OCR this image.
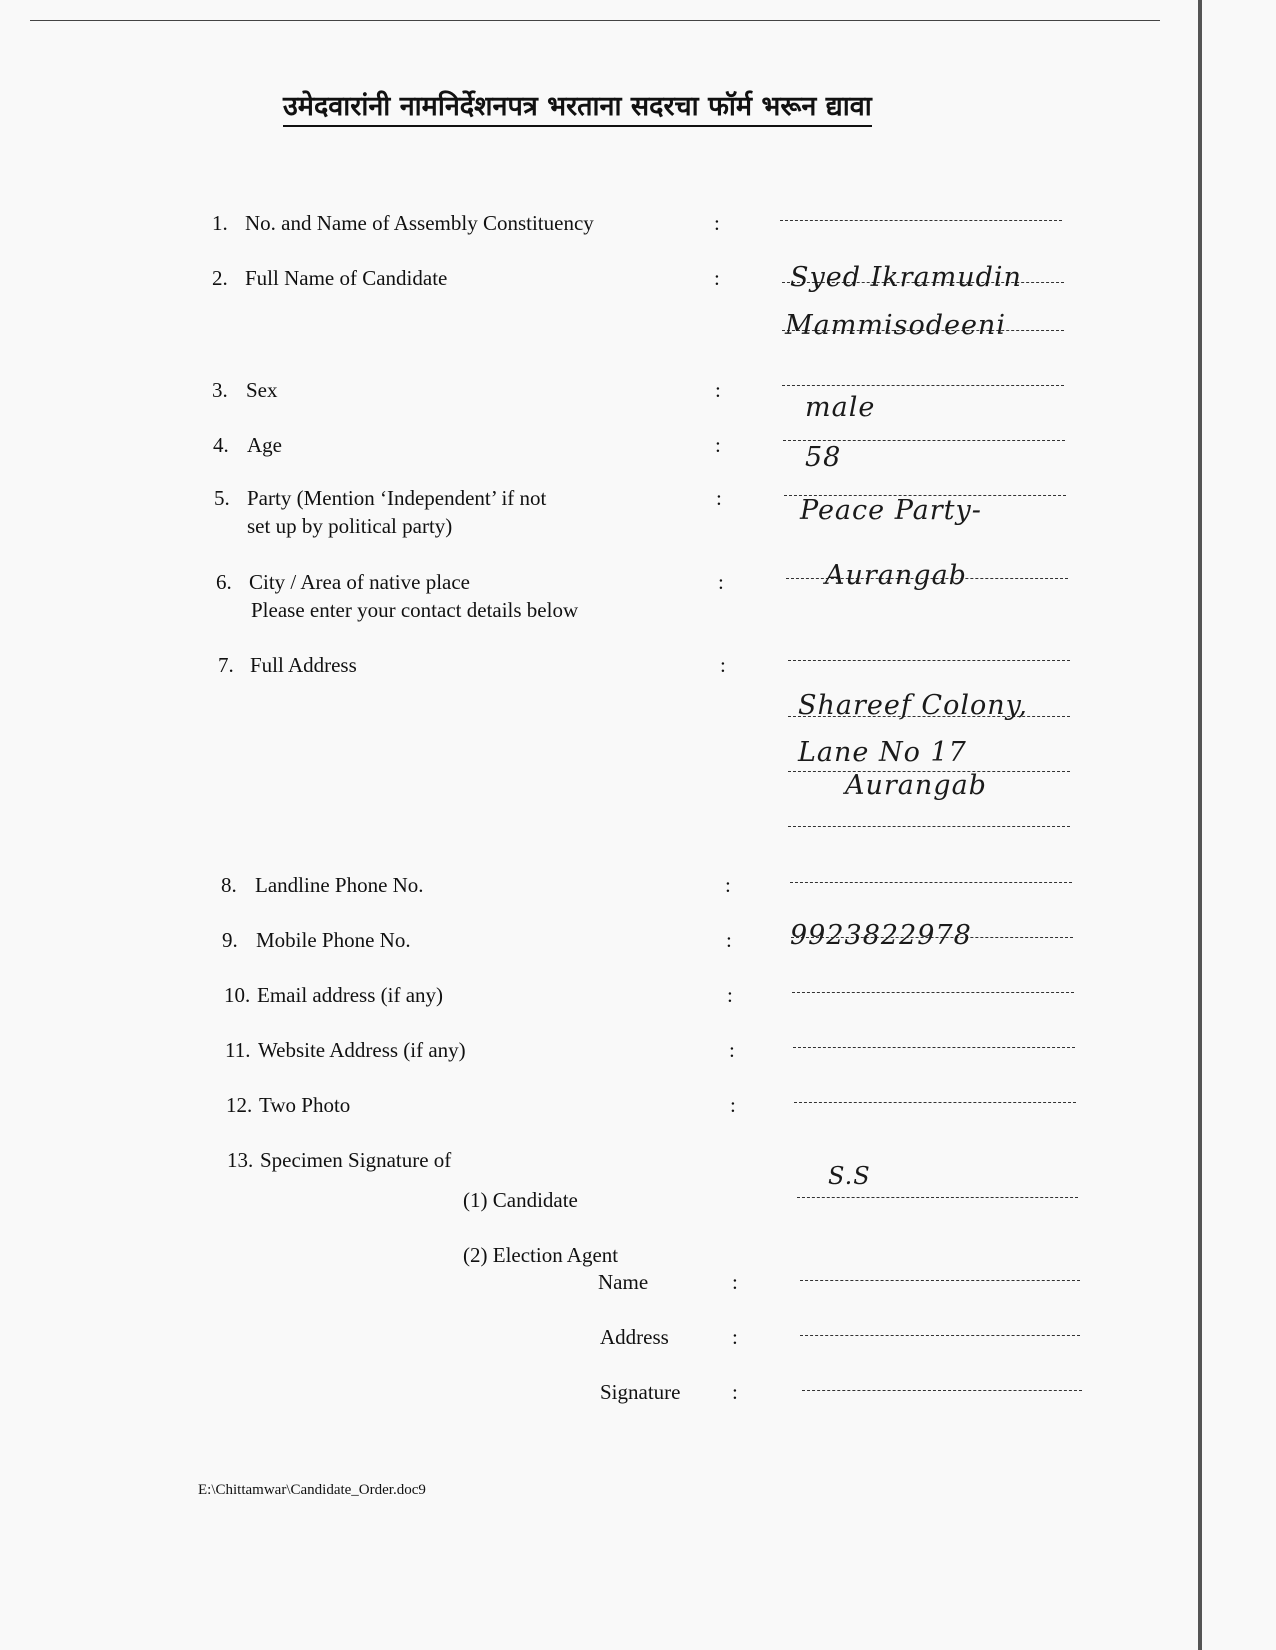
उमेदवारांनी नामनिर्देशनपत्र भरताना सदरचा फॉर्म भरून द्यावा
1. No. and Name of Assembly Constituency	:
2. Full Name of Candidate	:	Syed Ikramudin
Mammisodeeni
3. Sex	:
male
4. Age	:	58
5. Party (Mention ‘Independent’ if not
set up by political party)
:	Peace Party-
6. City / Area of native place
Please enter your contact details below
:	Aurangab
7. Full Address	:
Shareef Colony,
Lane No 17
Aurangab
8. Landline Phone No.	:
9. Mobile Phone No.	: 9923822978
10. Email address (if any)	:
11. Website Address (if any)	:
12. Two Photo	:
13. Specimen Signature of
(1) Candidate
S.S
(2) Election Agent
Name	:
Address	:
Signature :
E:\Chittamwar\Candidate_Order.doc9
